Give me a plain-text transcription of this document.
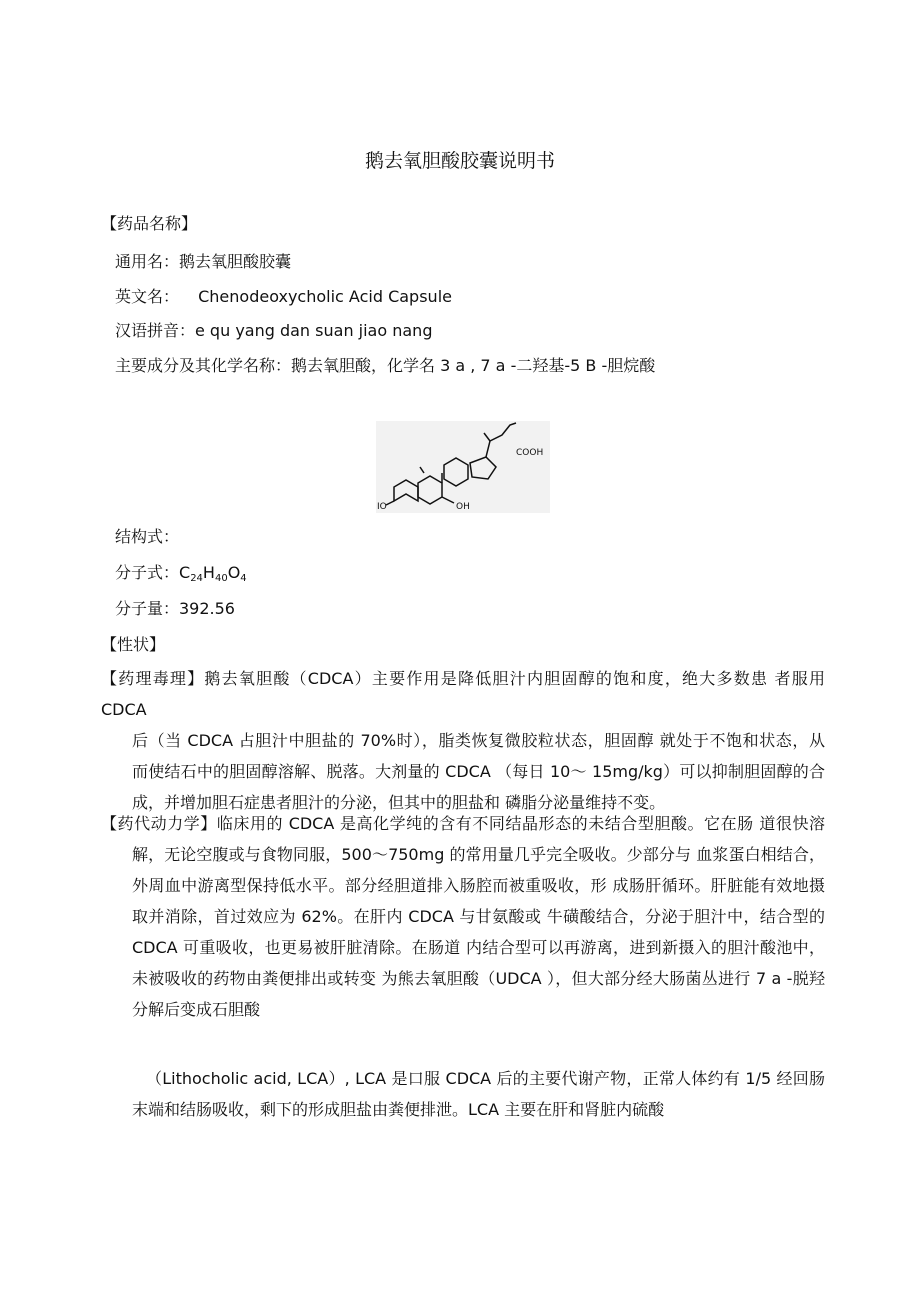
鹅去氧胆酸胶囊说明书
【药品名称】
通用名：鹅去氧胆酸胶囊
英文名： Chenodeoxycholic Acid Capsule
汉语拼音：e qu yang dan suan jiao nang
主要成分及其化学名称：鹅去氧胆酸，化学名 3 a , 7 a -二羟基-5 B -胆烷酸
COOH
IO	OH
结构式：
分子式：$C_{24}H_{40}O_4$
分子量：392.56
【性状】
【药理毒理】鹅去氧胆酸（CDCA）主要作用是降低胆汁内胆固醇的饱和度，绝大多数患 者服用 CDCA
后（当 CDCA 占胆汁中胆盐的 70%时），脂类恢复微胶粒状态，胆固醇 就处于不饱和状态，从
而使结石中的胆固醇溶解、脱落。大剂量的 CDCA （每日 10～ 15mg/kg）可以抑制胆固醇的合
成，并增加胆石症患者胆汁的分泌，但其中的胆盐和 磷脂分泌量维持不变。
【药代动力学】临床用的 CDCA 是高化学纯的含有不同结晶形态的未结合型胆酸。它在肠 道很快溶
解，无论空腹或与食物同服，500～750mg 的常用量几乎完全吸收。少部分与 血浆蛋白相结合，
外周血中游离型保持低水平。部分经胆道排入肠腔而被重吸收，形 成肠肝循环。肝脏能有效地摄
取并消除，首过效应为 62%。在肝内 CDCA 与甘氨酸或 牛磺酸结合，分泌于胆汁中，结合型的
CDCA 可重吸收，也更易被肝脏清除。在肠道 内结合型可以再游离，进到新摄入的胆汁酸池中，
未被吸收的药物由粪便排出或转变 为熊去氧胆酸（UDCA ），但大部分经大肠菌丛进行 7 a -脱羟
分解后变成石胆酸
（Lithocholic acid, LCA）, LCA 是口服 CDCA 后的主要代谢产物，正常人体约有 1/5 经回肠
末端和结肠吸收，剩下的形成胆盐由粪便排泄。LCA 主要在肝和肾脏内硫酸
